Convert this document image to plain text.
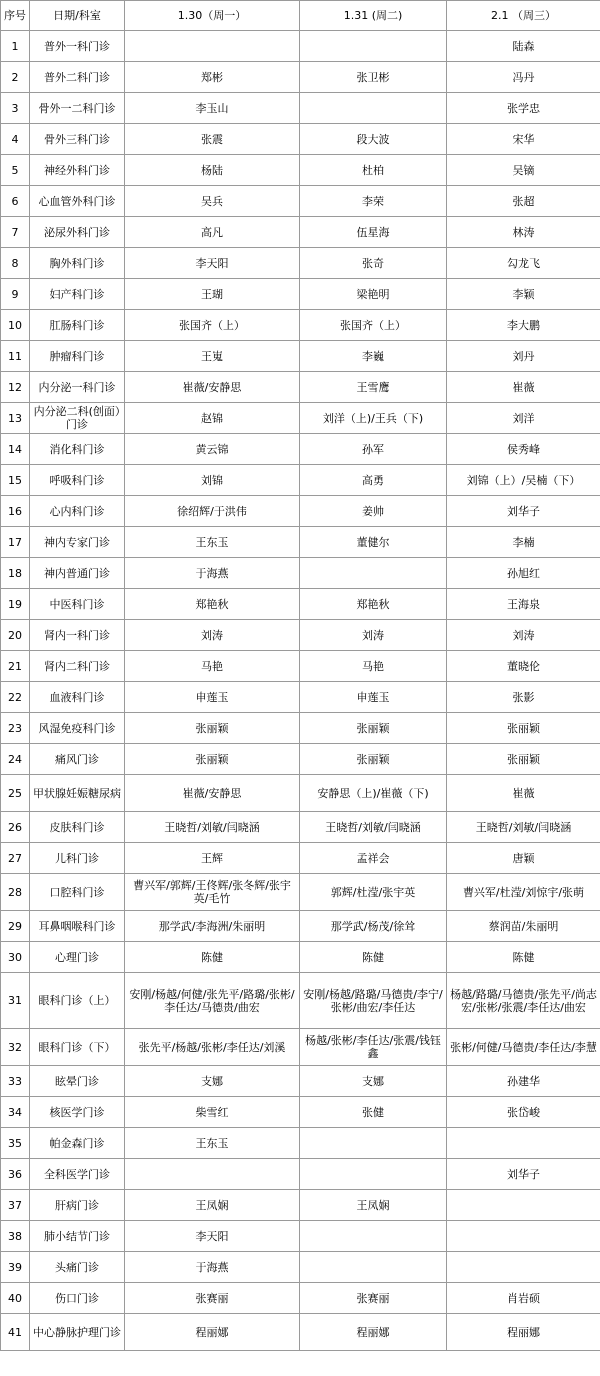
序号	日期/科室	1.30（周一）	1.31 (周二)	2.1 （周三）
1	普外一科门诊			陆森
2	普外二科门诊	郑彬	张卫彬	冯丹
3	骨外一二科门诊	李玉山		张学忠
4	骨外三科门诊	张震	段大波	宋华
5	神经外科门诊	杨陆	杜柏	吴镝
6	心血管外科门诊	吴兵	李荣	张超
7	泌尿外科门诊	高凡	伍星海	林涛
8	胸外科门诊	李天阳	张奇	勾龙飞
9	妇产科门诊	王瑚	梁艳明	李颖
10	肛肠科门诊	张国齐（上）	张国齐（上）	李大鹏
11	肿瘤科门诊	王嵬	李巍	刘丹
12	内分泌一科门诊	崔薇/安静思	王雪鹰	崔薇
13	内分泌二科(创面）门诊	赵锦	刘洋（上)/王兵（下)	刘洋
14	消化科门诊	黄云锦	孙军	侯秀峰
15	呼吸科门诊	刘锦	高勇	刘锦（上）/吴楠（下）
16	心内科门诊	徐绍辉/于洪伟	姜帅	刘华子
17	神内专家门诊	王东玉	董健尔	李楠
18	神内普通门诊	于海燕		孙旭红
19	中医科门诊	郑艳秋	郑艳秋	王海泉
20	肾内一科门诊	刘涛	刘涛	刘涛
21	肾内二科门诊	马艳	马艳	董晓伦
22	血液科门诊	申莲玉	申莲玉	张影
23	风湿免疫科门诊	张丽颖	张丽颖	张丽颖
24	痛风门诊	张丽颖	张丽颖	张丽颖
25	甲状腺妊娠糖尿病	崔薇/安静思	安静思（上)/崔薇（下)	崔薇
26	皮肤科门诊	王晓哲/刘敏/闫晓涵	王晓哲/刘敏/闫晓涵	王晓哲/刘敏/闫晓涵
27	儿科门诊	王辉	孟祥会	唐颖
28	口腔科门诊	曹兴军/郭辉/王佟辉/张冬辉/张宇英/毛竹	郭辉/杜滢/张宇英	曹兴军/杜滢/刘惊宇/张萌
29	耳鼻咽喉科门诊	那学武/李海洲/朱丽明	那学武/杨茂/徐耸	蔡润苗/朱丽明
30	心理门诊	陈健	陈健	陈健
31	眼科门诊（上）	安刚/杨越/何健/张先平/路璐/张彬/李任达/马德贵/曲宏	安刚/杨越/路璐/马德贵/李宁/张彬/曲宏/李任达	杨越/路璐/马德贵/张先平/尚志宏/张彬/张震/李任达/曲宏
32	眼科门诊（下）	张先平/杨越/张彬/李任达/刘溪	杨越/张彬/李任达/张震/钱钰鑫	张彬/何健/马德贵/李任达/李慧
33	眩晕门诊	支娜	支娜	孙建华
34	核医学门诊	柴雪红	张健	张岱峻
35	帕金森门诊	王东玉		
36	全科医学门诊			刘华子
37	肝病门诊	王凤娴	王凤娴	
38	肺小结节门诊	李天阳		
39	头痛门诊	于海燕		
40	伤口门诊	张赛丽	张赛丽	肖岩硕
41	中心静脉护理门诊	程丽娜	程丽娜	程丽娜
